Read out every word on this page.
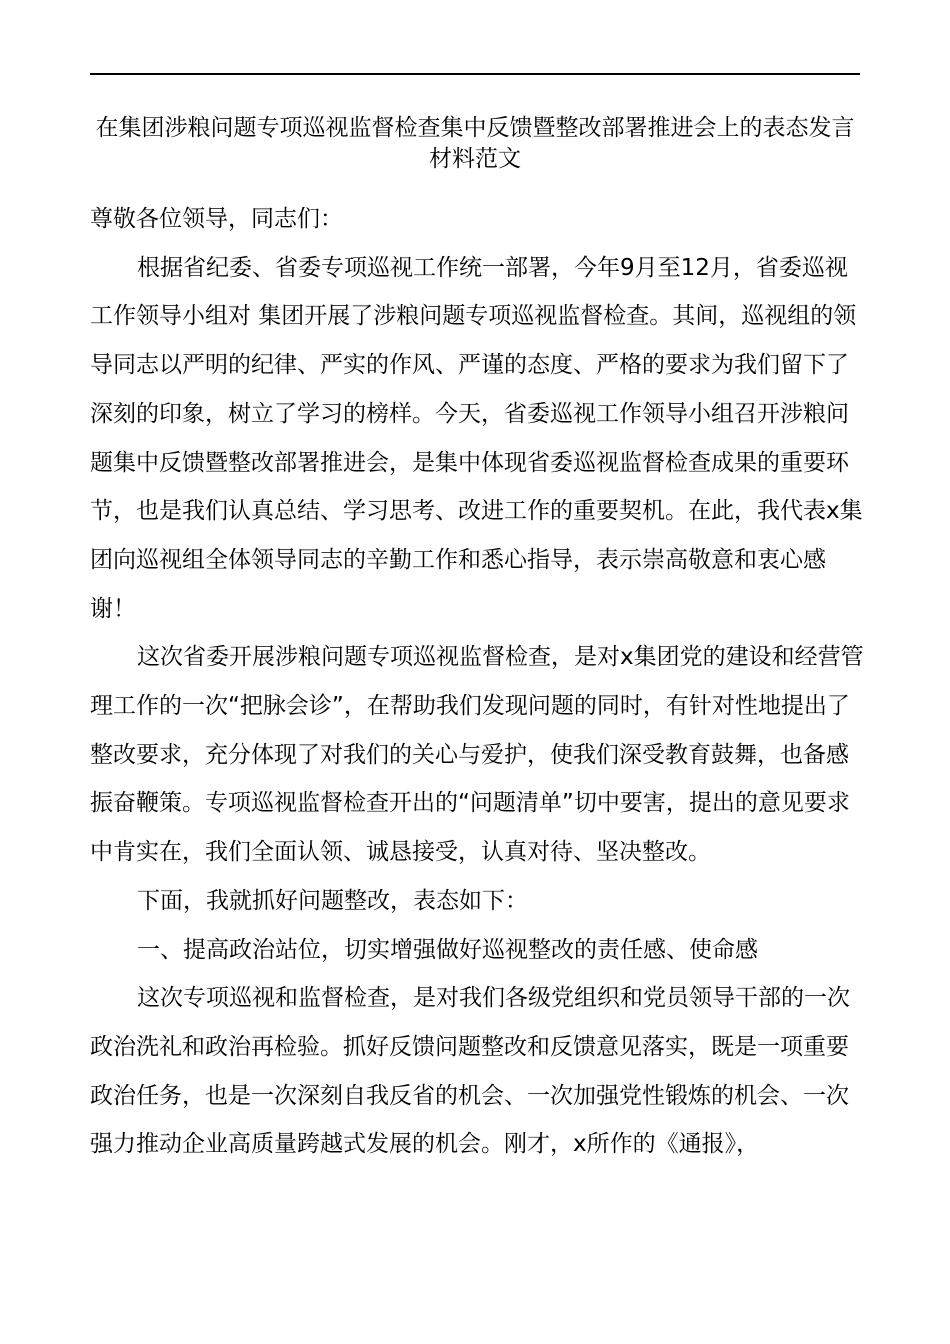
在集团涉粮问题专项巡视监督检查集中反馈暨整改部署推进会上的表态发言材料范文

尊敬各位领导，同志们：

根据省纪委、省委专项巡视工作统一部署，今年9月至12月，省委巡视工作领导小组对 集团开展了涉粮问题专项巡视监督检查。其间，巡视组的领导同志以严明的纪律、严实的作风、严谨的态度、严格的要求为我们留下了深刻的印象，树立了学习的榜样。今天，省委巡视工作领导小组召开涉粮问题集中反馈暨整改部署推进会，是集中体现省委巡视监督检查成果的重要环节，也是我们认真总结、学习思考、改进工作的重要契机。在此，我代表x集团向巡视组全体领导同志的辛勤工作和悉心指导，表示崇高敬意和衷心感谢！

这次省委开展涉粮问题专项巡视监督检查，是对x集团党的建设和经营管理工作的一次“把脉会诊”，在帮助我们发现问题的同时，有针对性地提出了整改要求，充分体现了对我们的关心与爱护，使我们深受教育鼓舞，也备感振奋鞭策。专项巡视监督检查开出的“问题清单”切中要害，提出的意见要求中肯实在，我们全面认领、诚恳接受，认真对待、坚决整改。

下面，我就抓好问题整改，表态如下：

一、提高政治站位，切实增强做好巡视整改的责任感、使命感

这次专项巡视和监督检查，是对我们各级党组织和党员领导干部的一次政治洗礼和政治再检验。抓好反馈问题整改和反馈意见落实，既是一项重要政治任务，也是一次深刻自我反省的机会、一次加强党性锻炼的机会、一次强力推动企业高质量跨越式发展的机会。刚才，x所作的《通报》，
